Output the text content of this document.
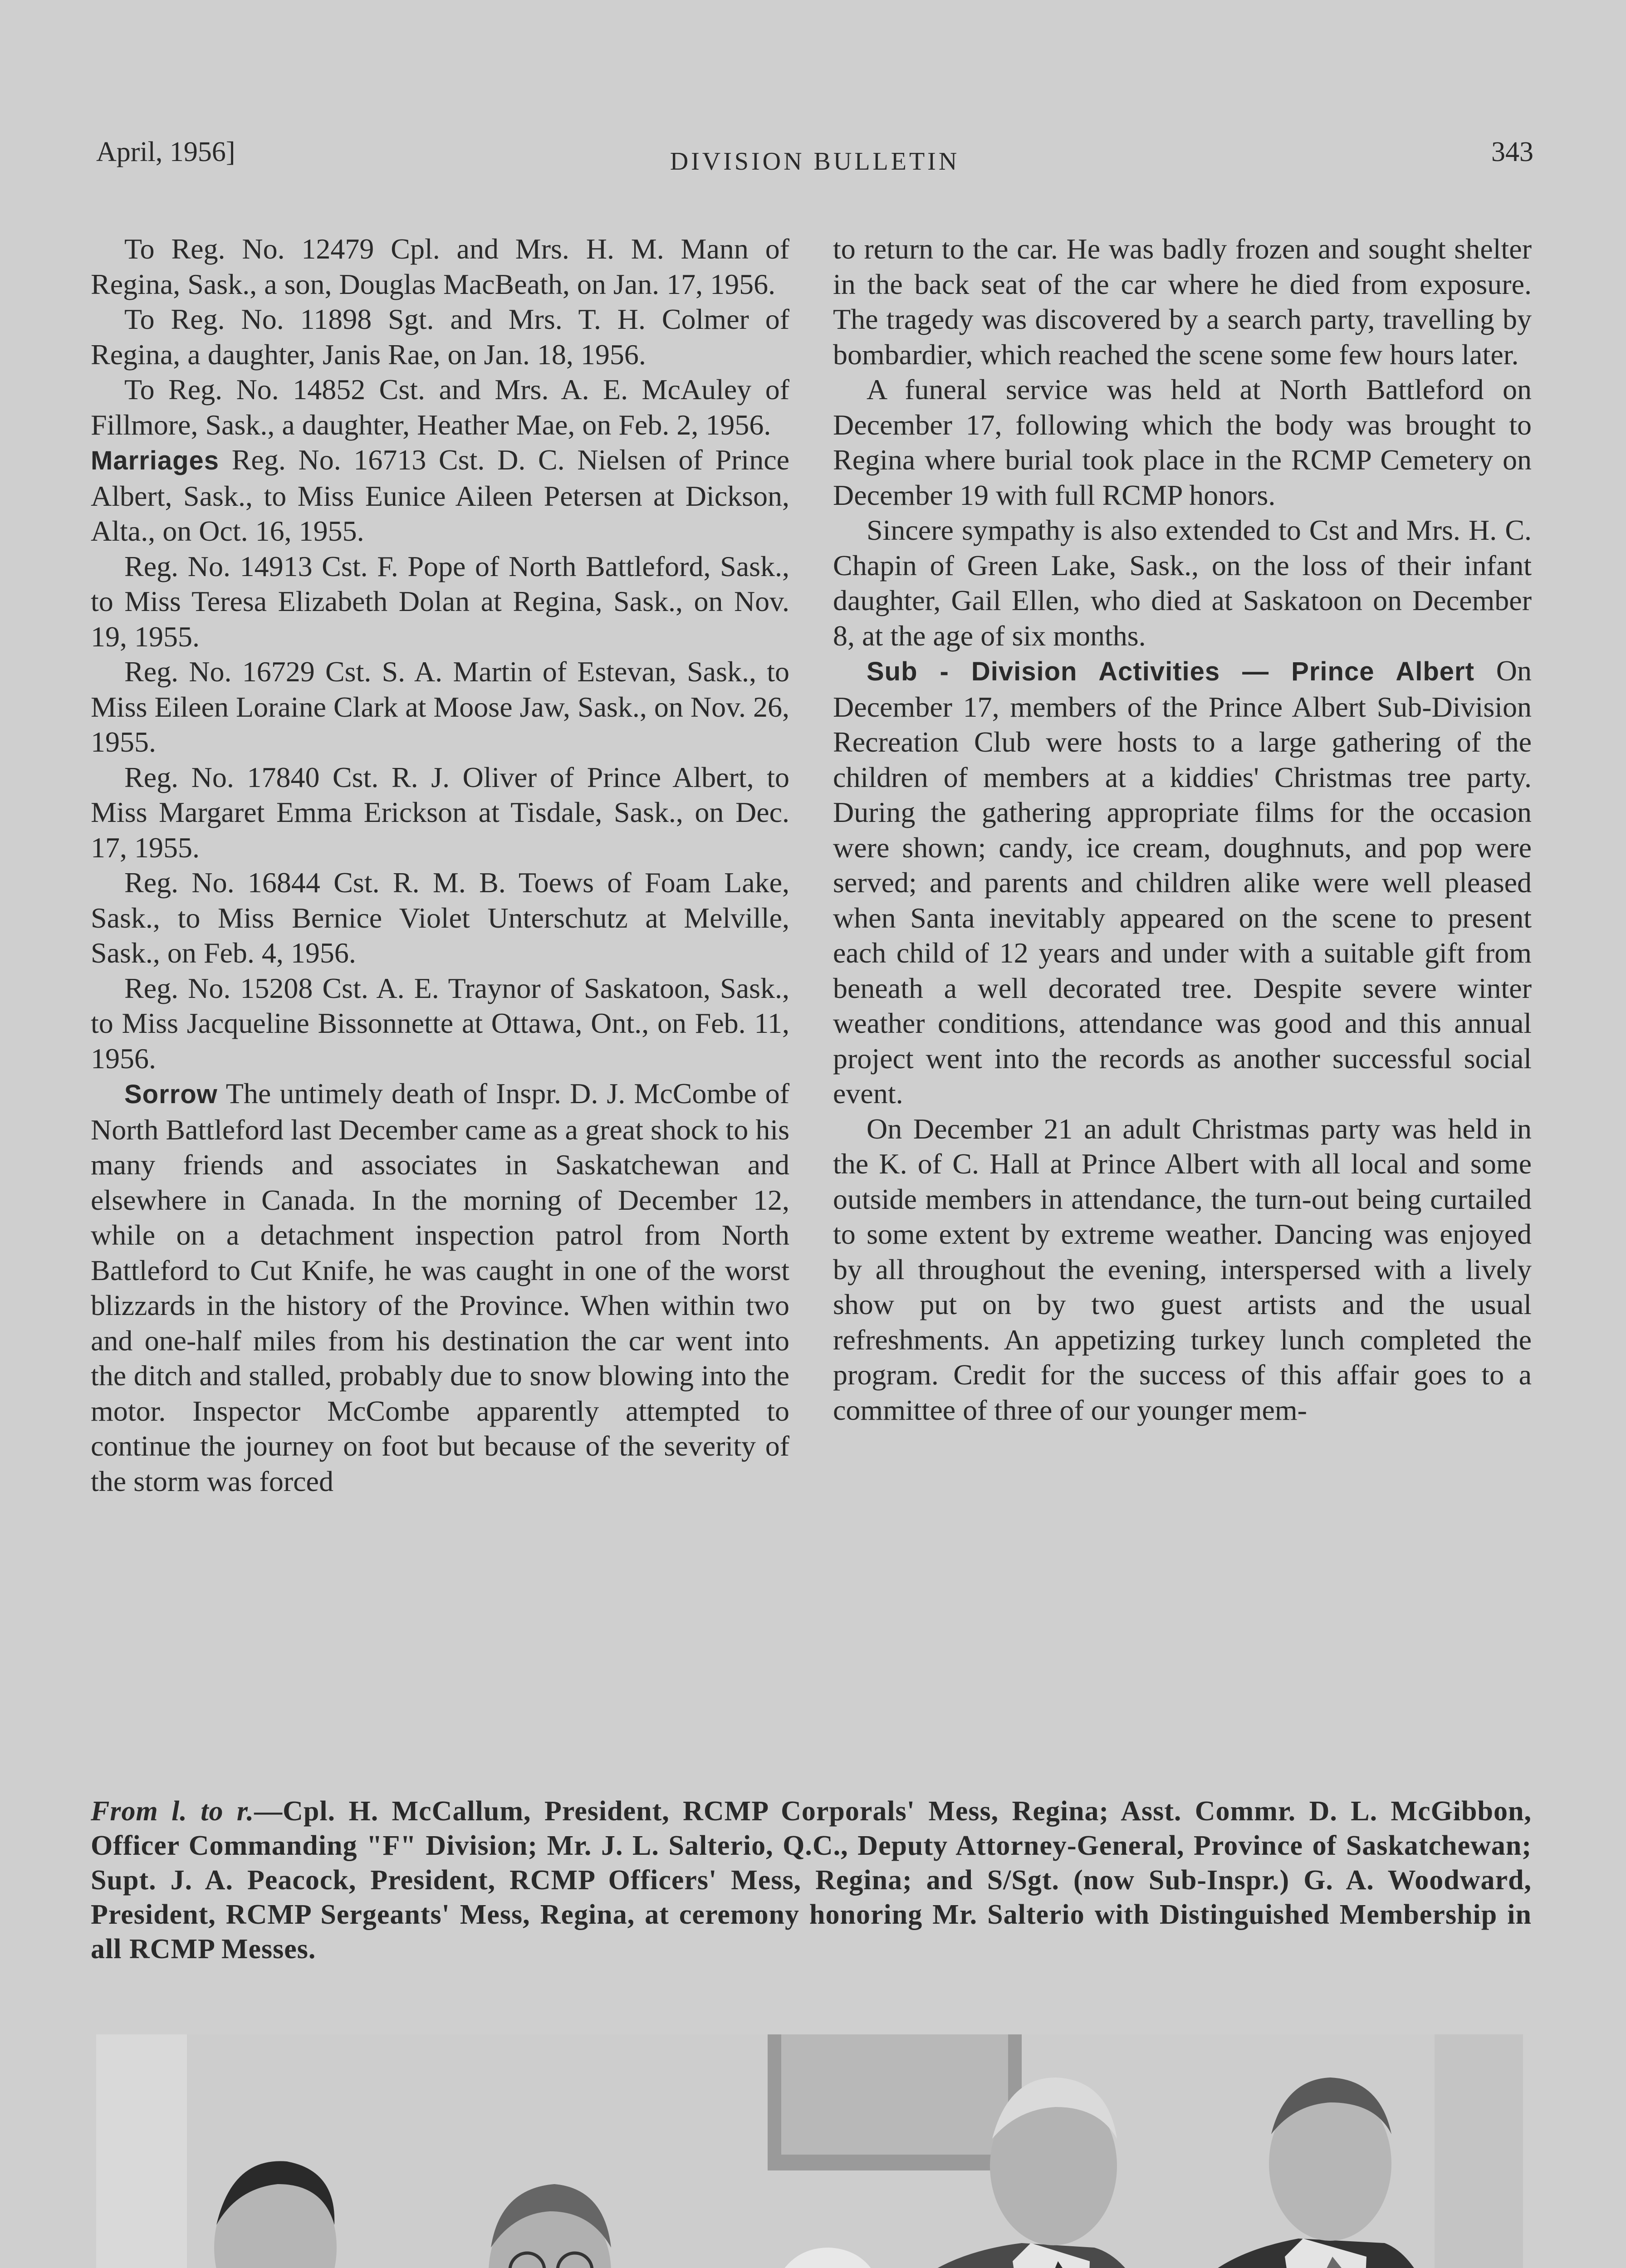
April, 1956]	DIVISION BULLETIN	343

To Reg. No. 12479 Cpl. and Mrs. H. M. Mann of Regina, Sask., a son, Douglas MacBeath, on Jan. 17, 1956.

To Reg. No. 11898 Sgt. and Mrs. T. H. Colmer of Regina, a daughter, Janis Rae, on Jan. 18, 1956.

To Reg. No. 14852 Cst. and Mrs. A. E. McAuley of Fillmore, Sask., a daughter, Heather Mae, on Feb. 2, 1956.

Marriages Reg. No. 16713 Cst. D. C. Nielsen of Prince Albert, Sask., to Miss Eunice Aileen Petersen at Dickson, Alta., on Oct. 16, 1955.

Reg. No. 14913 Cst. F. Pope of North Battleford, Sask., to Miss Teresa Elizabeth Dolan at Regina, Sask., on Nov. 19, 1955.

Reg. No. 16729 Cst. S. A. Martin of Estevan, Sask., to Miss Eileen Loraine Clark at Moose Jaw, Sask., on Nov. 26, 1955.

Reg. No. 17840 Cst. R. J. Oliver of Prince Albert, to Miss Margaret Emma Erickson at Tisdale, Sask., on Dec. 17, 1955.

Reg. No. 16844 Cst. R. M. B. Toews of Foam Lake, Sask., to Miss Bernice Violet Unterschutz at Melville, Sask., on Feb. 4, 1956.

Reg. No. 15208 Cst. A. E. Traynor of Saskatoon, Sask., to Miss Jacqueline Bissonnette at Ottawa, Ont., on Feb. 11, 1956.

Sorrow The untimely death of Inspr. D. J. McCombe of North Battleford last December came as a great shock to his many friends and associates in Saskatchewan and elsewhere in Canada. In the morning of December 12, while on a detachment inspection patrol from North Battleford to Cut Knife, he was caught in one of the worst blizzards in the history of the Province. When within two and one-half miles from his destination the car went into the ditch and stalled, probably due to snow blowing into the motor. Inspector McCombe apparently attempted to continue the journey on foot but because of the severity of the storm was forced

to return to the car. He was badly frozen and sought shelter in the back seat of the car where he died from exposure. The tragedy was discovered by a search party, travelling by bombardier, which reached the scene some few hours later.

A funeral service was held at North Battleford on December 17, following which the body was brought to Regina where burial took place in the RCMP Cemetery on December 19 with full RCMP honors.

Sincere sympathy is also extended to Cst and Mrs. H. C. Chapin of Green Lake, Sask., on the loss of their infant daughter, Gail Ellen, who died at Saskatoon on December 8, at the age of six months.

Sub - Division Activities — Prince Albert On December 17, members of the Prince Albert Sub-Division Recreation Club were hosts to a large gathering of the children of members at a kiddies' Christmas tree party. During the gathering appropriate films for the occasion were shown; candy, ice cream, doughnuts, and pop were served; and parents and children alike were well pleased when Santa inevitably appeared on the scene to present each child of 12 years and under with a suitable gift from beneath a well decorated tree. Despite severe winter weather conditions, attendance was good and this annual project went into the records as another successful social event.

On December 21 an adult Christmas party was held in the K. of C. Hall at Prince Albert with all local and some outside members in attendance, the turn-out being curtailed to some extent by extreme weather. Dancing was enjoyed by all throughout the evening, interspersed with a lively show put on by two guest artists and the usual refreshments. An appetizing turkey lunch completed the program. Credit for the success of this affair goes to a committee of three of our younger mem-

From l. to r.—Cpl. H. McCallum, President, RCMP Corporals' Mess, Regina; Asst. Commr. D. L. McGibbon, Officer Commanding "F" Division; Mr. J. L. Salterio, Q.C., Deputy Attorney-General, Province of Saskatchewan; Supt. J. A. Peacock, President, RCMP Officers' Mess, Regina; and S/Sgt. (now Sub-Inspr.) G. A. Woodward, President, RCMP Sergeants' Mess, Regina, at ceremony honoring Mr. Salterio with Distinguished Membership in all RCMP Messes.
